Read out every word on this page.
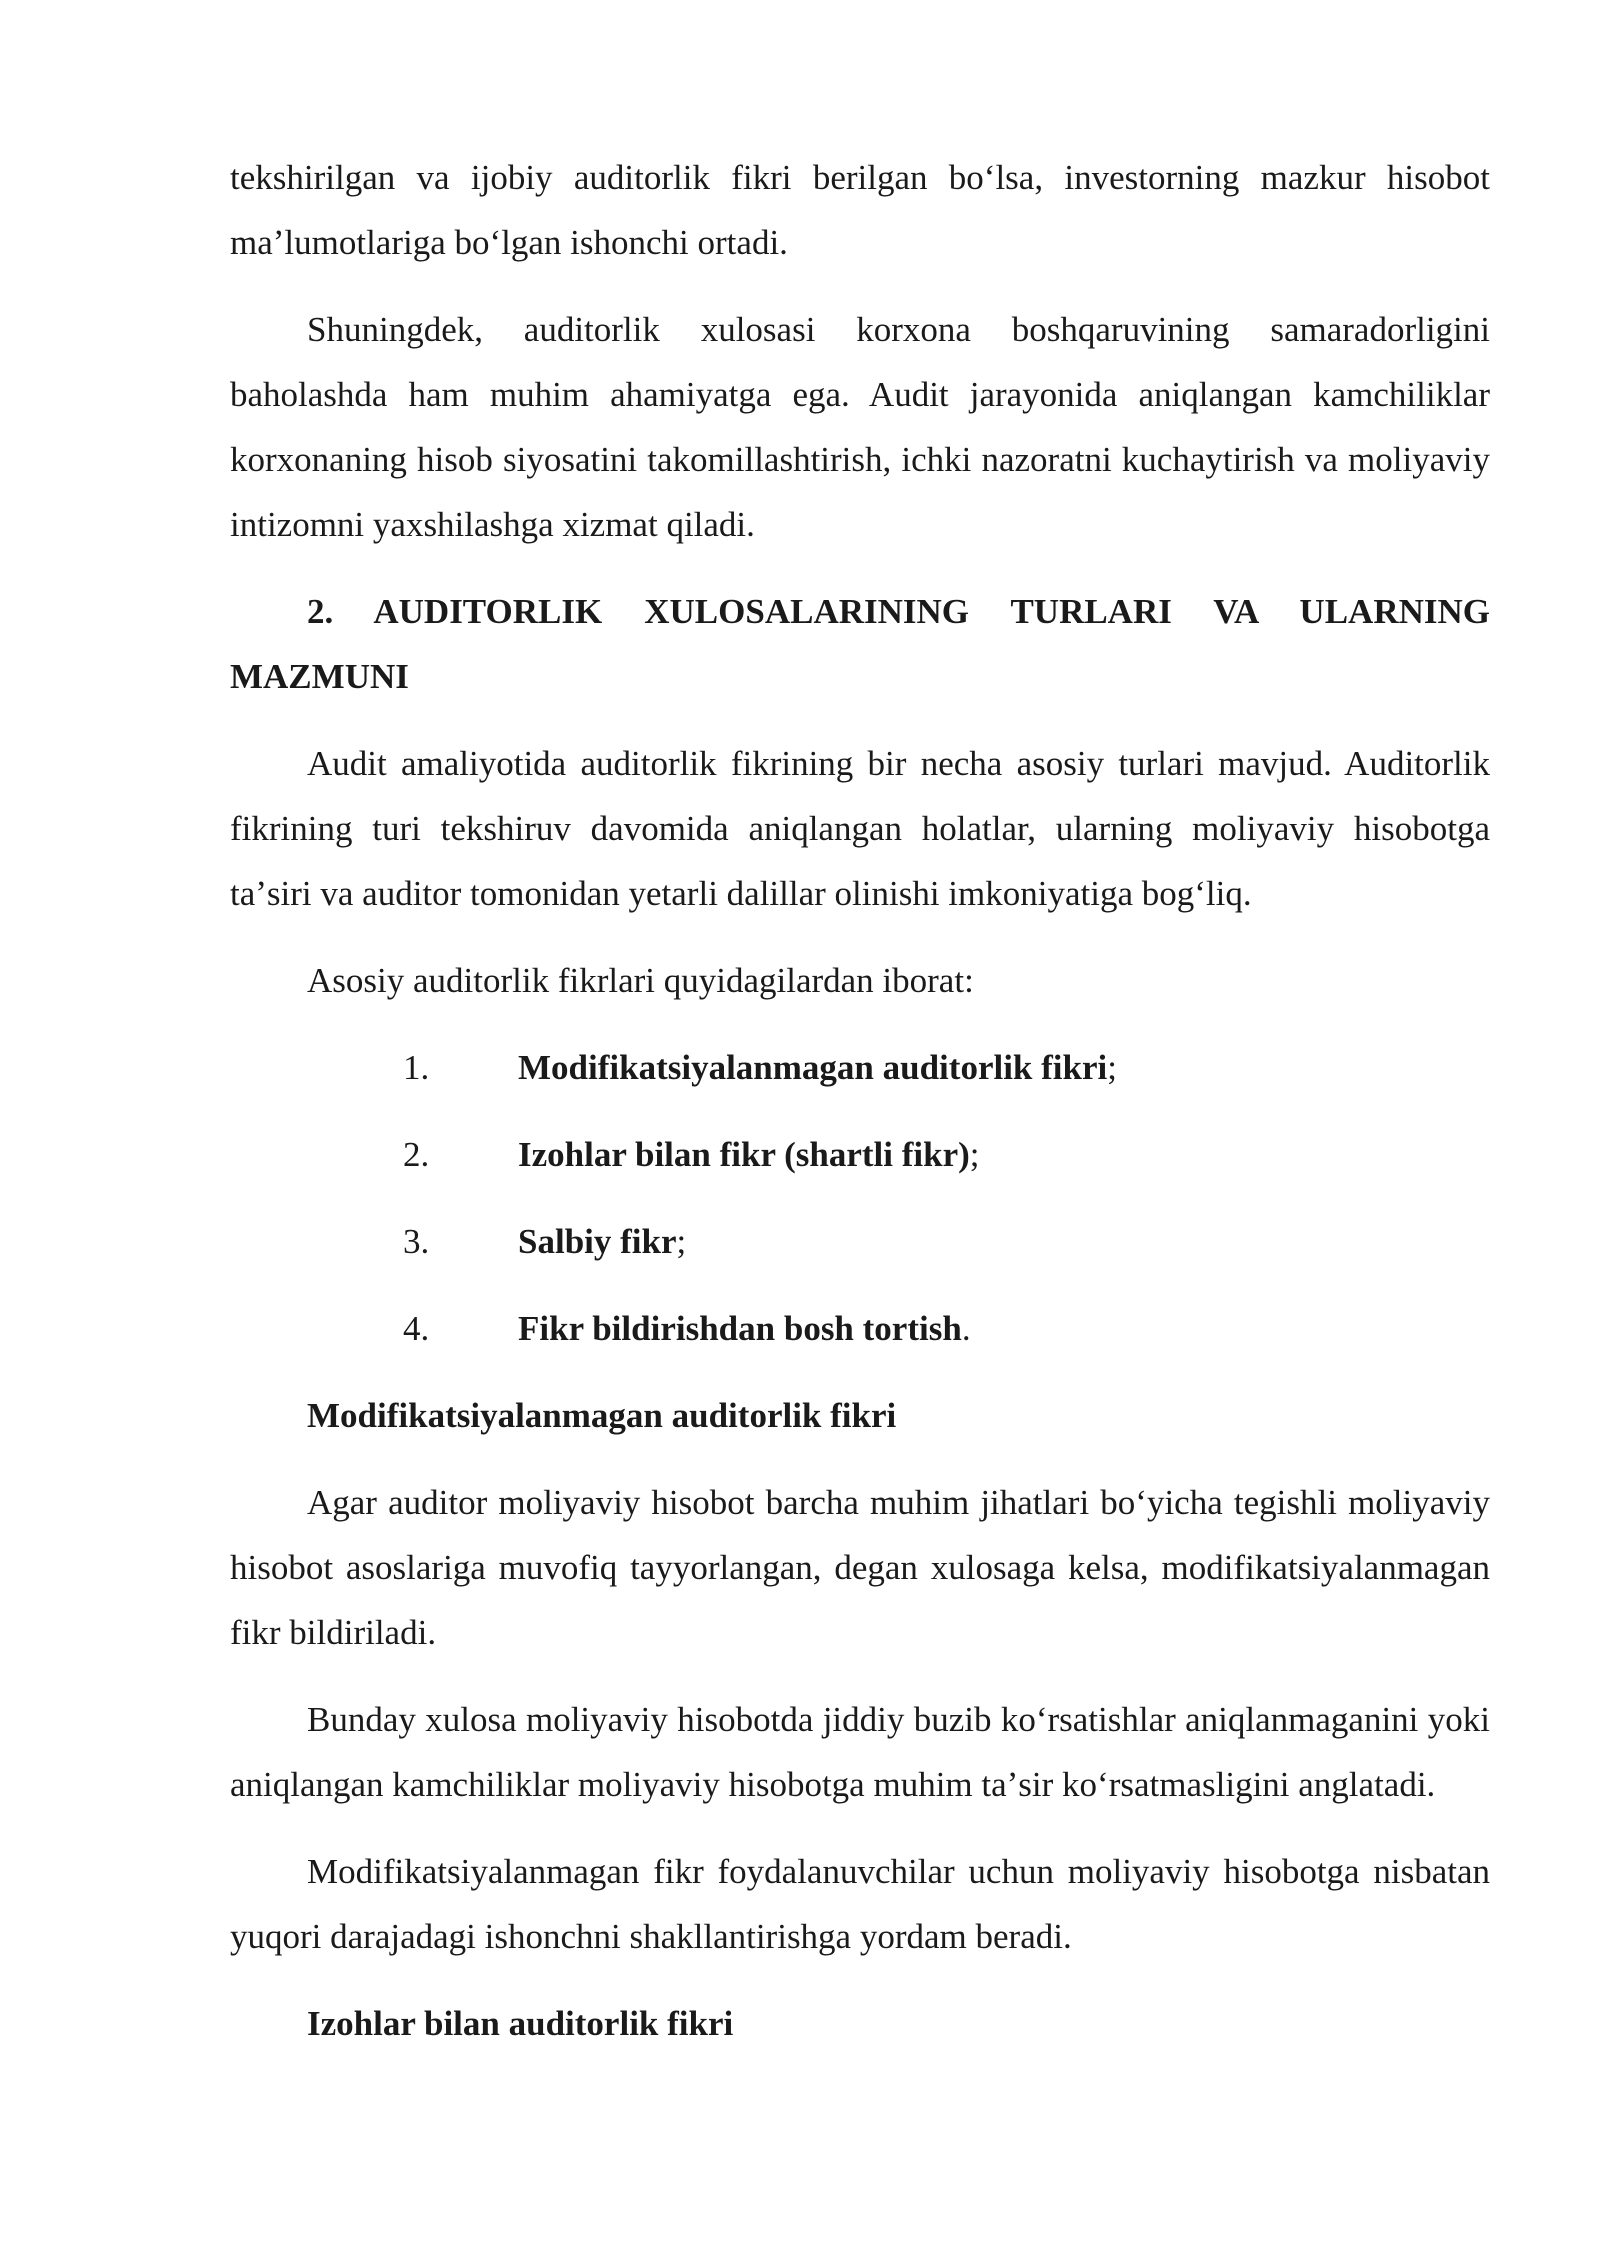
tekshirilgan va ijobiy auditorlik fikri berilgan boʻlsa, investorning mazkur hisobot maʼlumotlariga boʻlgan ishonchi ortadi.

Shuningdek, auditorlik xulosasi korxona boshqaruvining samaradorligini baholashda ham muhim ahamiyatga ega. Audit jarayonida aniqlangan kamchiliklar korxonaning hisob siyosatini takomillashtirish, ichki nazoratni kuchaytirish va moliyaviy intizomni yaxshilashga xizmat qiladi.

2. AUDITORLIK XULOSALARINING TURLARI VA ULARNING MAZMUNI

Audit amaliyotida auditorlik fikrining bir necha asosiy turlari mavjud. Auditorlik fikrining turi tekshiruv davomida aniqlangan holatlar, ularning moliyaviy hisobotga taʼsiri va auditor tomonidan yetarli dalillar olinishi imkoniyatiga bogʻliq.

Asosiy auditorlik fikrlari quyidagilardan iborat:

1.	Modifikatsiyalanmagan auditorlik fikri;
2.	Izohlar bilan fikr (shartli fikr);
3.	Salbiy fikr;
4.	Fikr bildirishdan bosh tortish.

Modifikatsiyalanmagan auditorlik fikri

Agar auditor moliyaviy hisobot barcha muhim jihatlari boʻyicha tegishli moliyaviy hisobot asoslariga muvofiq tayyorlangan, degan xulosaga kelsa, modifikatsiyalanmagan fikr bildiriladi.

Bunday xulosa moliyaviy hisobotda jiddiy buzib koʻrsatishlar aniqlanmaganini yoki aniqlangan kamchiliklar moliyaviy hisobotga muhim taʼsir koʻrsatmasligini anglatadi.

Modifikatsiyalanmagan fikr foydalanuvchilar uchun moliyaviy hisobotga nisbatan yuqori darajadagi ishonchni shakllantirishga yordam beradi.

Izohlar bilan auditorlik fikri
